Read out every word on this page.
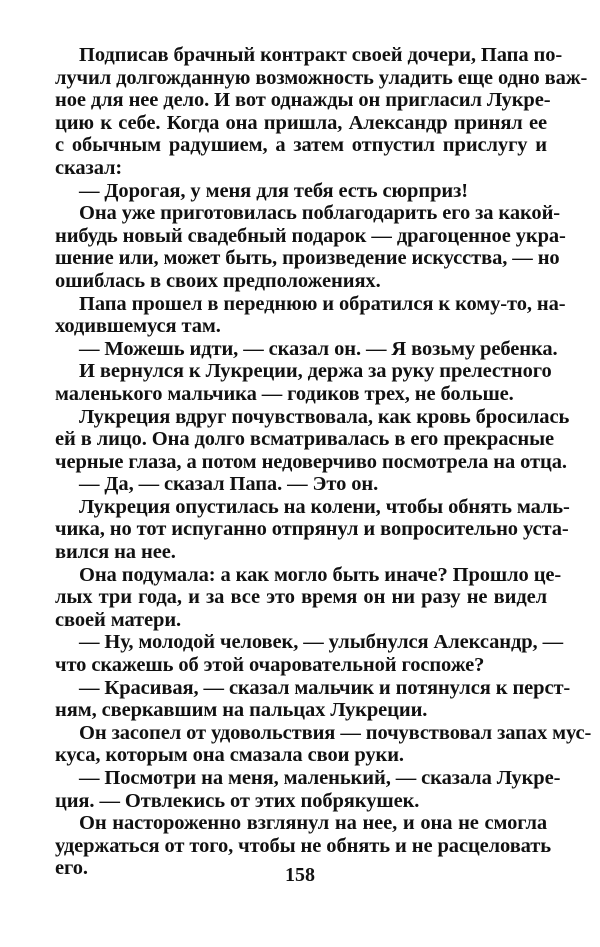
Подписав брачный контракт своей дочери, Папа по-
лучил долгожданную возможность уладить еще одно важ-
ное для нее дело. И вот однажды он пригласил Лукре-
цию к себе. Когда она пришла, Александр принял ее
с обычным радушием, а затем отпустил прислугу и
сказал:
— Дорогая, у меня для тебя есть сюрприз!
Она уже приготовилась поблагодарить его за какой-
нибудь новый свадебный подарок — драгоценное укра-
шение или, может быть, произведение искусства, — но
ошиблась в своих предположениях.
Папа прошел в переднюю и обратился к кому-то, на-
ходившемуся там.
— Можешь идти, — сказал он. — Я возьму ребенка.
И вернулся к Лукреции, держа за руку прелестного
маленького мальчика — годиков трех, не больше.
Лукреция вдруг почувствовала, как кровь бросилась
ей в лицо. Она долго всматривалась в его прекрасные
черные глаза, а потом недоверчиво посмотрела на отца.
— Да, — сказал Папа. — Это он.
Лукреция опустилась на колени, чтобы обнять маль-
чика, но тот испуганно отпрянул и вопросительно уста-
вился на нее.
Она подумала: а как могло быть иначе? Прошло це-
лых три года, и за все это время он ни разу не видел
своей матери.
— Ну, молодой человек, — улыбнулся Александр, —
что скажешь об этой очаровательной госпоже?
— Красивая, — сказал мальчик и потянулся к перст-
ням, сверкавшим на пальцах Лукреции.
Он засопел от удовольствия — почувствовал запах мус-
куса, которым она смазала свои руки.
— Посмотри на меня, маленький, — сказала Лукре-
ция. — Отвлекись от этих побрякушек.
Он настороженно взглянул на нее, и она не смогла
удержаться от того, чтобы не обнять и не расцеловать
его.	158
